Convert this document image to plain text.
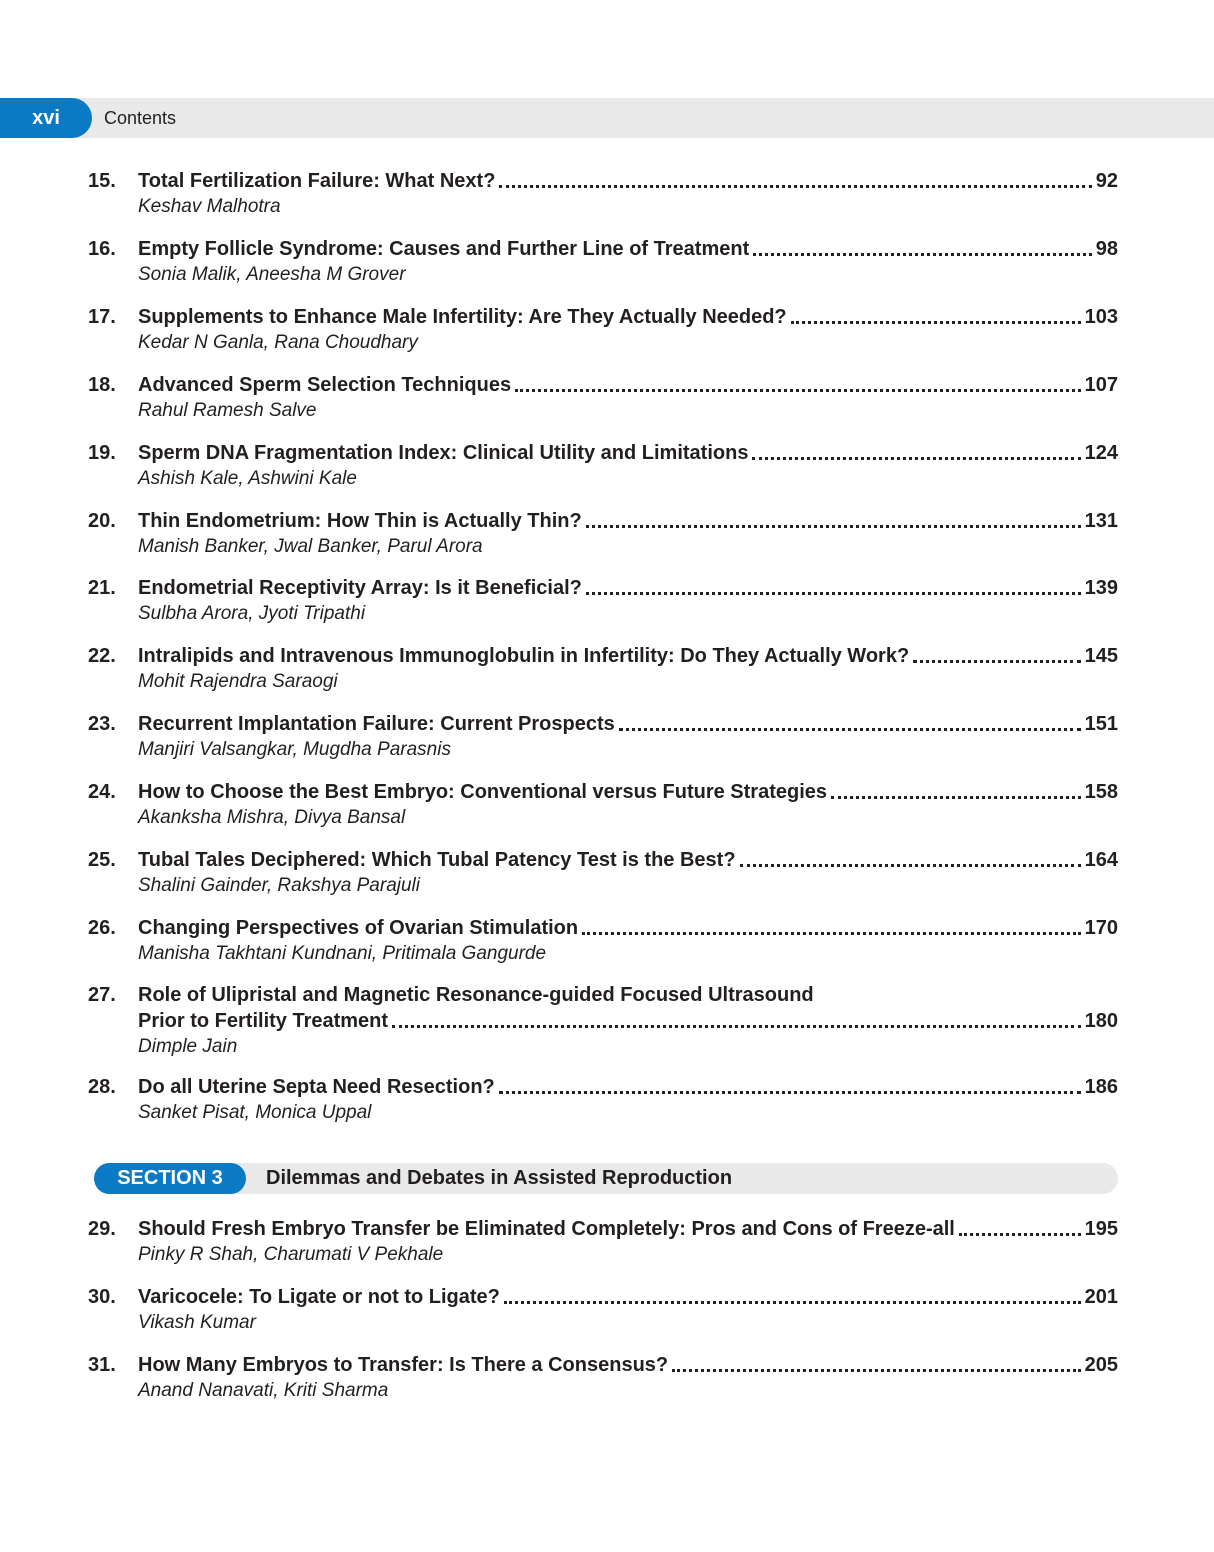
xvi	Contents
15.	Total Fertilization Failure: What Next?	92
Keshav Malhotra
16.	Empty Follicle Syndrome: Causes and Further Line of Treatment	98
Sonia Malik, Aneesha M Grover
17.	Supplements to Enhance Male Infertility: Are They Actually Needed?	103
Kedar N Ganla, Rana Choudhary
18.	Advanced Sperm Selection Techniques	107
Rahul Ramesh Salve
19.	Sperm DNA Fragmentation Index: Clinical Utility and Limitations	124
Ashish Kale, Ashwini Kale
20.	Thin Endometrium: How Thin is Actually Thin?	131
Manish Banker, Jwal Banker, Parul Arora
21.	Endometrial Receptivity Array: Is it Beneficial?	139
Sulbha Arora, Jyoti Tripathi
22.	Intralipids and Intravenous Immunoglobulin in Infertility: Do They Actually Work?	145
Mohit Rajendra Saraogi
23.	Recurrent Implantation Failure: Current Prospects	151
Manjiri Valsangkar, Mugdha Parasnis
24.	How to Choose the Best Embryo: Conventional versus Future Strategies	158
Akanksha Mishra, Divya Bansal
25.	Tubal Tales Deciphered: Which Tubal Patency Test is the Best?	164
Shalini Gainder, Rakshya Parajuli
26.	Changing Perspectives of Ovarian Stimulation	170
Manisha Takhtani Kundnani, Pritimala Gangurde
27.	Role of Ulipristal and Magnetic Resonance-guided Focused Ultrasound
Prior to Fertility Treatment	180
Dimple Jain
28.	Do all Uterine Septa Need Resection?	186
Sanket Pisat, Monica Uppal
SECTION 3	Dilemmas and Debates in Assisted Reproduction
29.	Should Fresh Embryo Transfer be Eliminated Completely: Pros and Cons of Freeze-all	195
Pinky R Shah, Charumati V Pekhale
30.	Varicocele: To Ligate or not to Ligate?	201
Vikash Kumar
31.	How Many Embryos to Transfer: Is There a Consensus?	205
Anand Nanavati, Kriti Sharma
